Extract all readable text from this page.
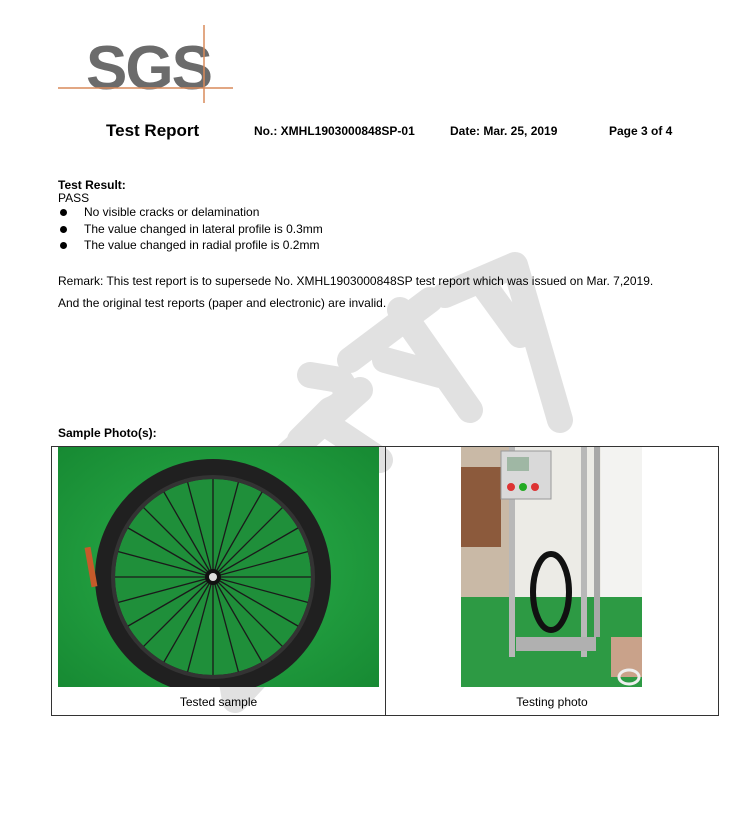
SGS
Test Report	No.: XMHL1903000848SP-01	Date: Mar. 25, 2019	Page 3 of 4
Test Result:
PASS
No visible cracks or delamination
The value changed in lateral profile is 0.3mm
The value changed in radial profile is 0.2mm
Remark: This test report is to supersede No. XMHL1903000848SP test report which was issued on Mar. 7,2019.
And the original test reports (paper and electronic) are invalid.
Sample Photo(s):
Tested sample	Testing photo
